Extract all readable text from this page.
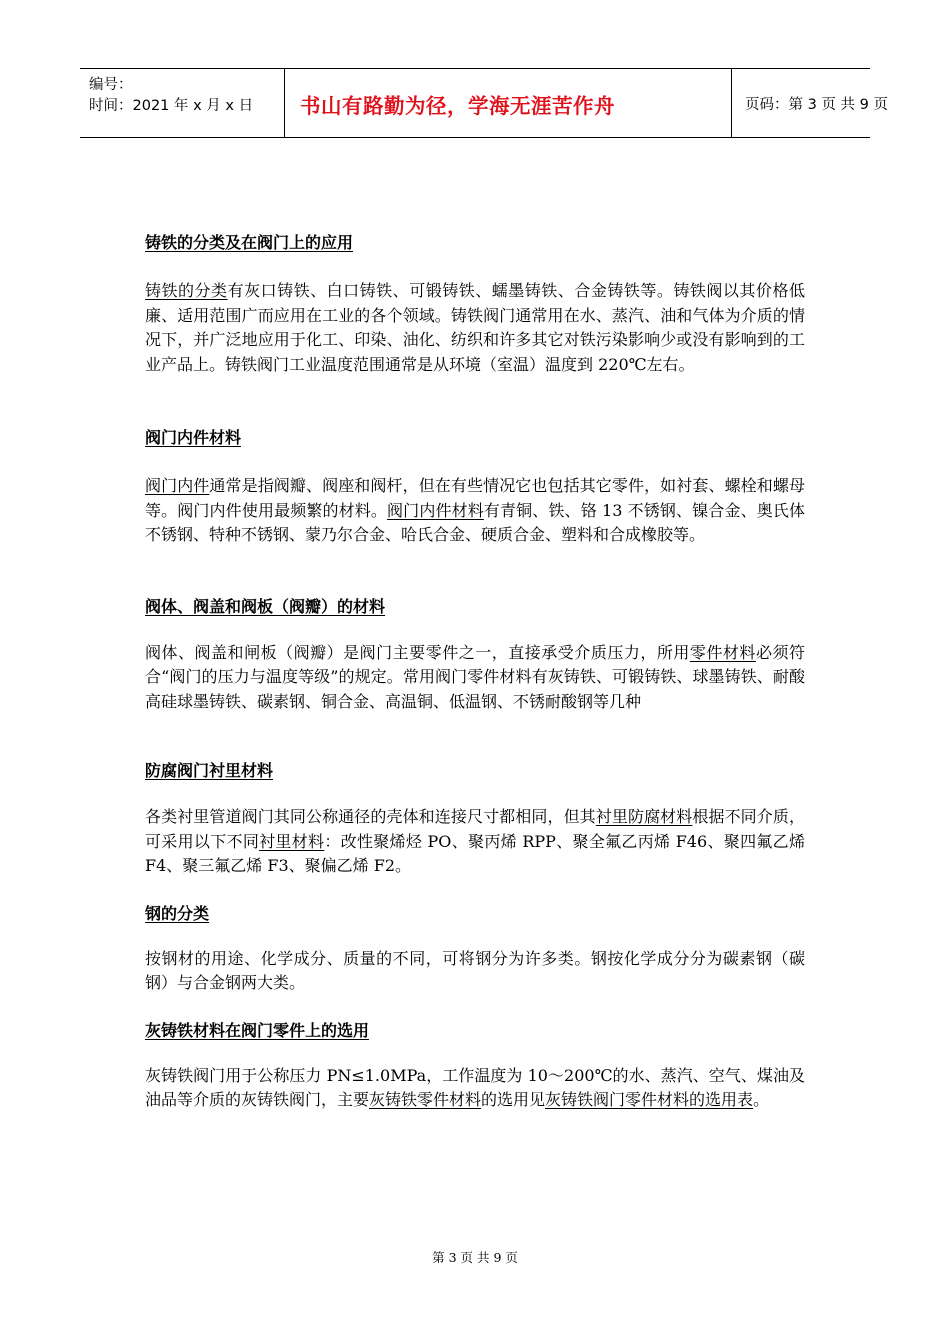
编号：
时间：2021 年 x 月 x 日 书山有路勤为径，学海无涯苦作舟	页码：第 3 页 共 9 页
铸铁的分类及在阀门上的应用

铸铁的分类有灰口铸铁、白口铸铁、可锻铸铁、蠕墨铸铁、合金铸铁等。铸铁阀以其价格低廉、适用范围广而应用在工业的各个领域。铸铁阀门通常用在水、蒸汽、油和气体为介质的情况下，并广泛地应用于化工、印染、油化、纺织和许多其它对铁污染影响少或没有影响到的工业产品上。铸铁阀门工业温度范围通常是从环境（室温）温度到 220℃左右。

阀门内件材料

阀门内件通常是指阀瓣、阀座和阀杆，但在有些情况它也包括其它零件，如衬套、螺栓和螺母等。阀门内件使用最频繁的材料。阀门内件材料有青铜、铁、铬 13 不锈钢、镍合金、奥氏体不锈钢、特种不锈钢、蒙乃尔合金、哈氏合金、硬质合金、塑料和合成橡胶等。

阀体、阀盖和阀板（阀瓣）的材料

阀体、阀盖和闸板（阀瓣）是阀门主要零件之一，直接承受介质压力，所用零件材料必须符合“阀门的压力与温度等级”的规定。常用阀门零件材料有灰铸铁、可锻铸铁、球墨铸铁、耐酸高硅球墨铸铁、碳素钢、铜合金、高温铜、低温钢、不锈耐酸钢等几种

防腐阀门衬里材料

各类衬里管道阀门其同公称通径的壳体和连接尺寸都相同，但其衬里防腐材料根据不同介质，可采用以下不同衬里材料：改性聚烯烃 PO、聚丙烯 RPP、聚全氟乙丙烯 F46、聚四氟乙烯 F4、聚三氟乙烯 F3、聚偏乙烯 F2。

钢的分类

按钢材的用途、化学成分、质量的不同，可将钢分为许多类。钢按化学成分分为碳素钢（碳钢）与合金钢两大类。

灰铸铁材料在阀门零件上的选用

灰铸铁阀门用于公称压力 PN≤1.0MPa，工作温度为 10～200℃的水、蒸汽、空气、煤油及油品等介质的灰铸铁阀门，主要灰铸铁零件材料的选用见灰铸铁阀门零件材料的选用表。

第 3 页 共 9 页
